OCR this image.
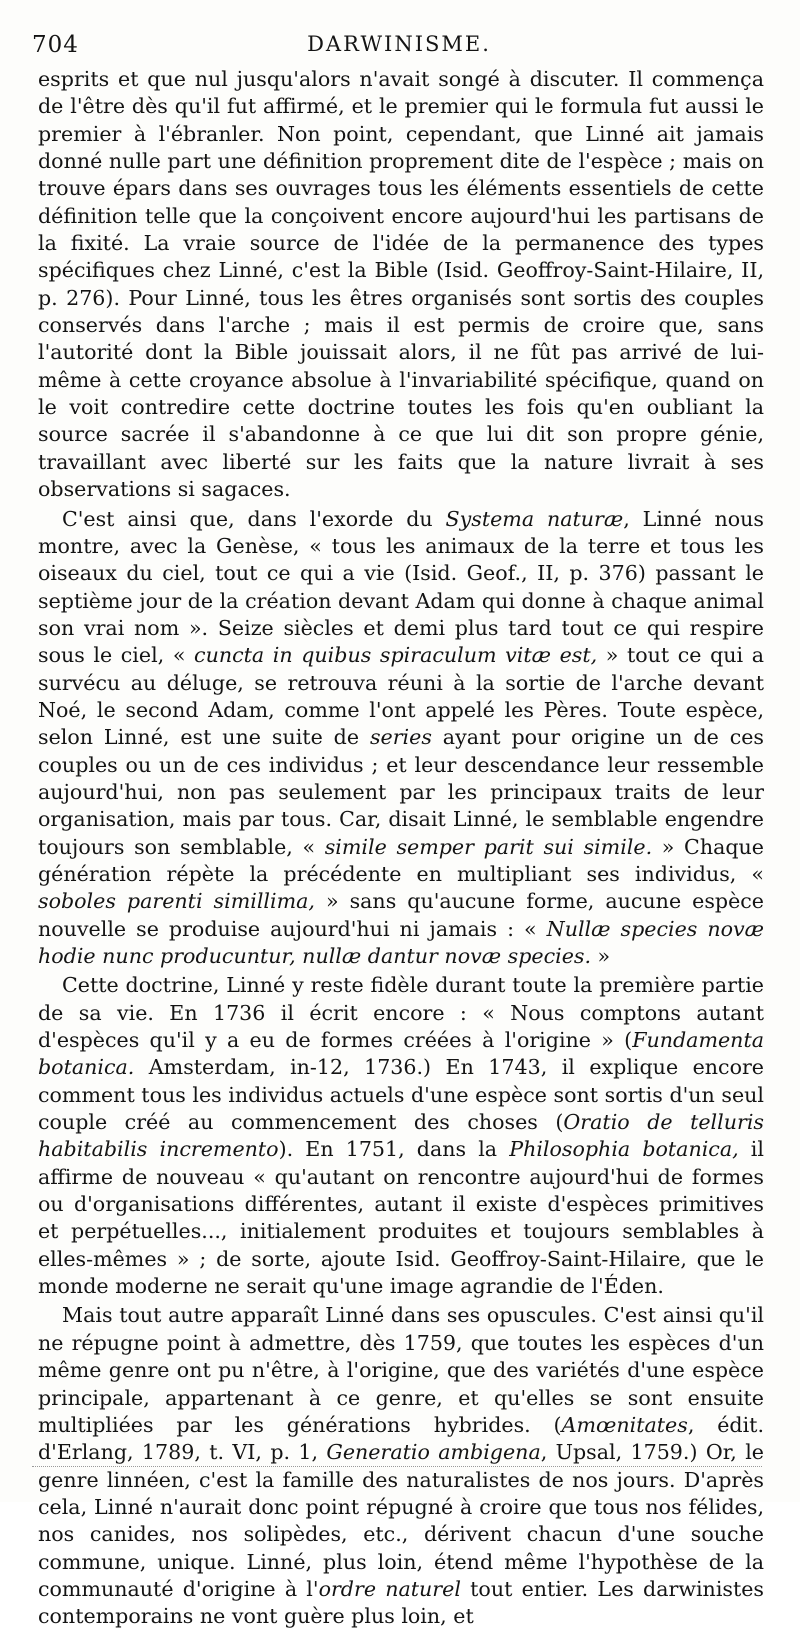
704	DARWINISME.

esprits et que nul jusqu'alors n'avait songé à discuter. Il commença de l'être dès qu'il fut affirmé, et le premier qui le formula fut aussi le premier à l'ébranler. Non point, cependant, que Linné ait jamais donné nulle part une définition proprement dite de l'espèce ; mais on trouve épars dans ses ouvrages tous les éléments essentiels de cette définition telle que la conçoivent encore aujourd'hui les partisans de la fixité. La vraie source de l'idée de la permanence des types spécifiques chez Linné, c'est la Bible (Isid. Geoffroy-Saint-Hilaire, II, p. 276). Pour Linné, tous les êtres organisés sont sortis des couples conservés dans l'arche ; mais il est permis de croire que, sans l'autorité dont la Bible jouissait alors, il ne fût pas arrivé de lui-même à cette croyance absolue à l'invariabilité spécifique, quand on le voit contredire cette doctrine toutes les fois qu'en oubliant la source sacrée il s'abandonne à ce que lui dit son propre génie, travaillant avec liberté sur les faits que la nature livrait à ses observations si sagaces.

C'est ainsi que, dans l'exorde du Systema naturæ, Linné nous montre, avec la Genèse, « tous les animaux de la terre et tous les oiseaux du ciel, tout ce qui a vie (Isid. Geof., II, p. 376) passant le septième jour de la création devant Adam qui donne à chaque animal son vrai nom ». Seize siècles et demi plus tard tout ce qui respire sous le ciel, « cuncta in quibus spiraculum vitæ est, » tout ce qui a survécu au déluge, se retrouva réuni à la sortie de l'arche devant Noé, le second Adam, comme l'ont appelé les Pères. Toute espèce, selon Linné, est une suite de series ayant pour origine un de ces couples ou un de ces individus ; et leur descendance leur ressemble aujourd'hui, non pas seulement par les principaux traits de leur organisation, mais par tous. Car, disait Linné, le semblable engendre toujours son semblable, « simile semper parit sui simile. » Chaque génération répète la précédente en multipliant ses individus, « soboles parenti simillima, » sans qu'aucune forme, aucune espèce nouvelle se produise aujourd'hui ni jamais : « Nullæ species novæ hodie nunc producuntur, nullæ dantur novæ species. »

Cette doctrine, Linné y reste fidèle durant toute la première partie de sa vie. En 1736 il écrit encore : « Nous comptons autant d'espèces qu'il y a eu de formes créées à l'origine » (Fundamenta botanica. Amsterdam, in-12, 1736.) En 1743, il explique encore comment tous les individus actuels d'une espèce sont sortis d'un seul couple créé au commencement des choses (Oratio de telluris habitabilis incremento). En 1751, dans la Philosophia botanica, il affirme de nouveau « qu'autant on rencontre aujourd'hui de formes ou d'organisations différentes, autant il existe d'espèces primitives et perpétuelles..., initialement produites et toujours semblables à elles-mêmes » ; de sorte, ajoute Isid. Geoffroy-Saint-Hilaire, que le monde moderne ne serait qu'une image agrandie de l'Éden.

Mais tout autre apparaît Linné dans ses opuscules. C'est ainsi qu'il ne répugne point à admettre, dès 1759, que toutes les espèces d'un même genre ont pu n'être, à l'origine, que des variétés d'une espèce principale, appartenant à ce genre, et qu'elles se sont ensuite multipliées par les générations hybrides. (Amœnitates, édit. d'Erlang, 1789, t. VI, p. 1, Generatio ambigena, Upsal, 1759.) Or, le genre linnéen, c'est la famille des naturalistes de nos jours. D'après cela, Linné n'aurait donc point répugné à croire que tous nos félides, nos canides, nos solipèdes, etc., dérivent chacun d'une souche commune, unique. Linné, plus loin, étend même l'hypothèse de la communauté d'origine à l'ordre naturel tout entier. Les darwinistes contemporains ne vont guère plus loin, et
